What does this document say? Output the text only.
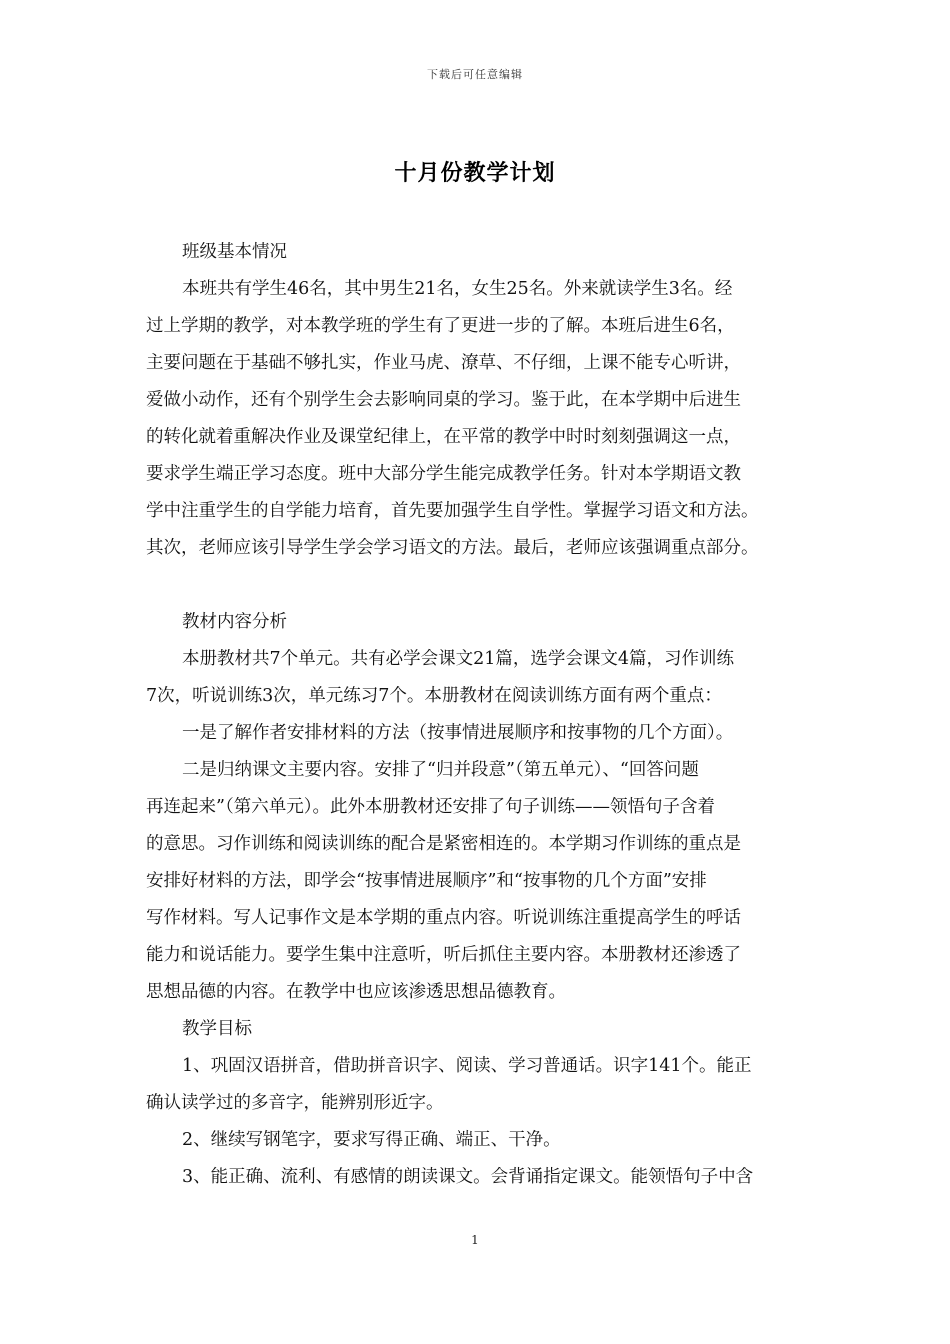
下载后可任意编辑
十月份教学计划
班级基本情况
本班共有学生46名，其中男生21名，女生25名。外来就读学生3名。经
过上学期的教学，对本教学班的学生有了更进一步的了解。本班后进生6名，
主要问题在于基础不够扎实，作业马虎、潦草、不仔细，上课不能专心听讲，
爱做小动作，还有个别学生会去影响同桌的学习。鉴于此，在本学期中后进生
的转化就着重解决作业及课堂纪律上，在平常的教学中时时刻刻强调这一点，
要求学生端正学习态度。班中大部分学生能完成教学任务。针对本学期语文教
学中注重学生的自学能力培育，首先要加强学生自学性。掌握学习语文和方法。
其次，老师应该引导学生学会学习语文的方法。最后，老师应该强调重点部分。
教材内容分析
本册教材共7个单元。共有必学会课文21篇，选学会课文4篇，习作训练
7次，听说训练3次，单元练习7个。本册教材在阅读训练方面有两个重点：
一是了解作者安排材料的方法（按事情进展顺序和按事物的几个方面）。
二是归纳课文主要内容。安排了“归并段意”（第五单元）、“回答问题
再连起来”（第六单元）。此外本册教材还安排了句子训练——领悟句子含着
的意思。习作训练和阅读训练的配合是紧密相连的。本学期习作训练的重点是
安排好材料的方法，即学会“按事情进展顺序”和“按事物的几个方面”安排
写作材料。写人记事作文是本学期的重点内容。听说训练注重提高学生的呼话
能力和说话能力。要学生集中注意听，听后抓住主要内容。本册教材还渗透了
思想品德的内容。在教学中也应该渗透思想品德教育。
教学目标
1、巩固汉语拼音，借助拼音识字、阅读、学习普通话。识字141个。能正
确认读学过的多音字，能辨别形近字。
2、继续写钢笔字，要求写得正确、端正、干净。
3、能正确、流利、有感情的朗读课文。会背诵指定课文。能领悟句子中含
1
